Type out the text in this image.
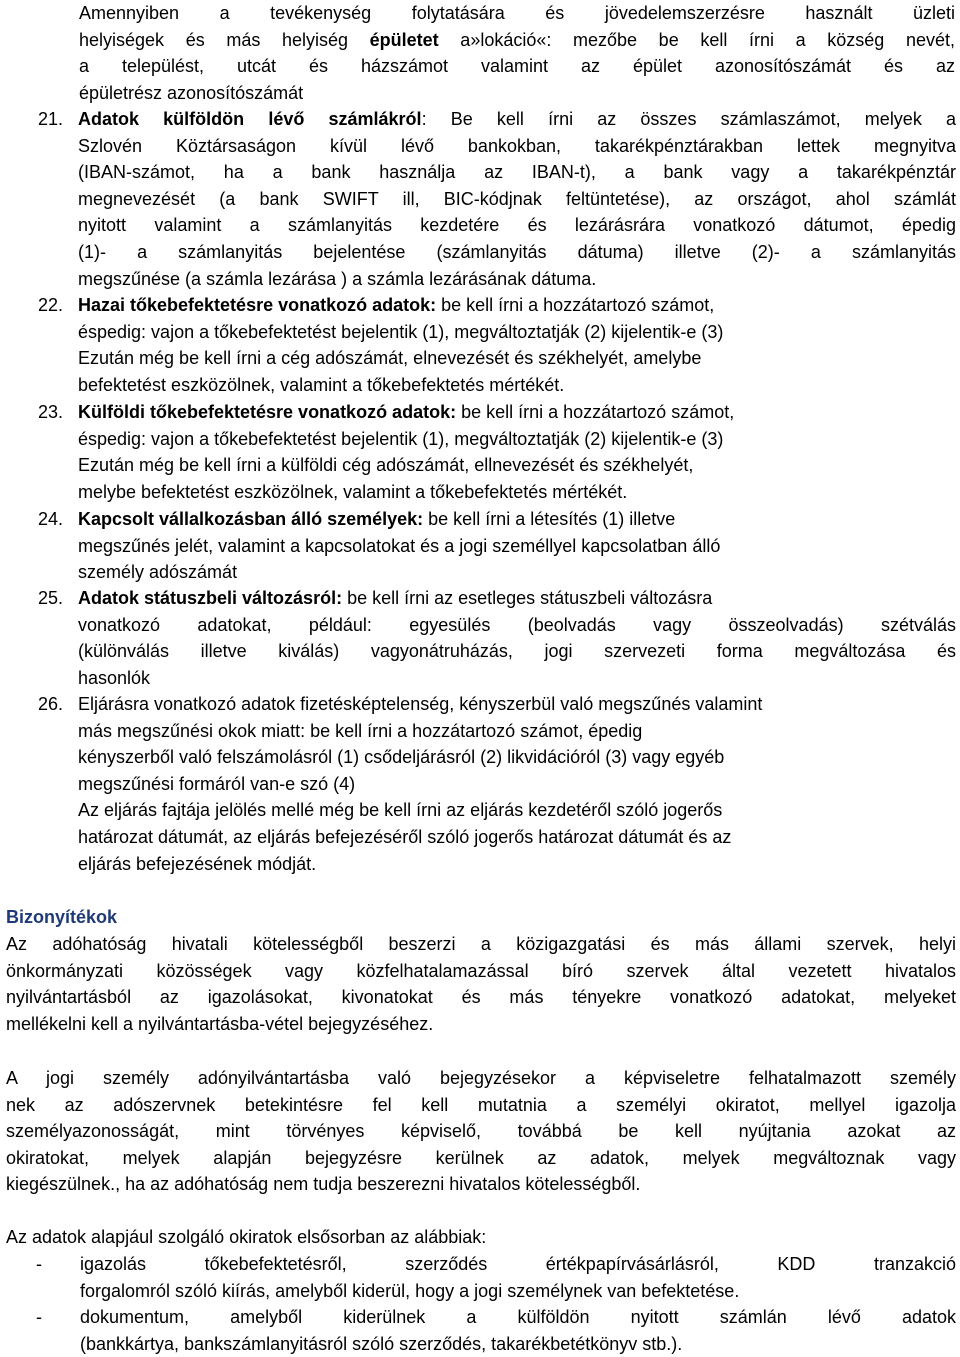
Amennyiben a tevékenység folytatására és jövedelemszerzésre használt üzleti
helyiségek és más helyiség épületet a»lokáció«: mezőbe be kell írni a község nevét,
a települést, utcát és házszámot valamint az épület azonosítószámát és az
épületrész azonosítószámát
21. Adatok külföldön lévő számlákról: Be kell írni az összes számlaszámot, melyek a
Szlovén Köztársaságon kívül lévő bankokban, takarékpénztárakban lettek megnyitva
(IBAN-számot, ha a bank használja az IBAN-t), a bank vagy a takarékpénztár
megnevezését (a bank SWIFT ill, BIC-kódjnak feltüntetése), az országot, ahol számlát
nyitott valamint a számlanyitás kezdetére és lezárásrára vonatkozó dátumot, épedig
(1)- a számlanyitás bejelentése (számlanyitás dátuma) illetve (2)- a számlanyitás
megszűnése (a számla lezárása ) a számla lezárásának dátuma.
22. Hazai tőkebefektetésre vonatkozó adatok: be kell írni a hozzátartozó számot,
éspedig: vajon a tőkebefektetést bejelentik (1), megváltoztatják (2) kijelentik-e (3)
Ezután még be kell írni a cég adószámát, elnevezését és székhelyét, amelybe
befektetést eszközölnek, valamint a tőkebefektetés mértékét.
23. Külföldi tőkebefektetésre vonatkozó adatok: be kell írni a hozzátartozó számot,
éspedig: vajon a tőkebefektetést bejelentik (1), megváltoztatják (2) kijelentik-e (3)
Ezután még be kell írni a külföldi cég adószámát, ellnevezését és székhelyét,
melybe befektetést eszközölnek, valamint a tőkebefektetés mértékét.
24. Kapcsolt vállalkozásban álló személyek: be kell írni a létesítés (1) illetve
megszűnés jelét, valamint a kapcsolatokat és a jogi személlyel kapcsolatban álló
személy adószámát
25. Adatok státuszbeli változásról: be kell írni az esetleges státuszbeli változásra
vonatkozó adatokat, például: egyesülés (beolvadás vagy összeolvadás) szétválás
(különválás illetve kiválás) vagyonátruházás, jogi szervezeti forma megváltozása és
hasonlók
26. Eljárásra vonatkozó adatok fizetésképtelenség, kényszerbül való megszűnés valamint
más megszűnési okok miatt: be kell írni a hozzátartozó számot, épedig
kényszerből való felszámolásról (1) csődeljárásról (2) likvidációról (3) vagy egyéb
megszűnési formáról van-e szó (4)
Az eljárás fajtája jelölés mellé még be kell írni az eljárás kezdetéről szóló jogerős
határozat dátumát, az eljárás befejezéséről szóló jogerős határozat dátumát és az
eljárás befejezésének módját.
Bizonyítékok
Az adóhatóság hivatali kötelességből beszerzi a közigazgatási és más állami szervek, helyi
önkormányzati közösségek vagy közfelhatalamazással bíró szervek által vezetett hivatalos
nyilvántartásból az igazolásokat, kivonatokat és más tényekre vonatkozó adatokat, melyeket
mellékelni kell a nyilvántartásba-vétel bejegyzéséhez.
A jogi személy adónyilvántartásba való bejegyzésekor a képviseletre felhatalmazott személy
nek az adószervnek betekintésre fel kell mutatnia a személyi okiratot, mellyel igazolja
személyazonosságát, mint törvényes képviselő, továbbá be kell nyújtania azokat az
okiratokat, melyek alapján bejegyzésre kerülnek az adatok, melyek megváltoznak vagy
kiegészülnek., ha az adóhatóság nem tudja beszerezni hivatalos kötelességből.
Az adatok alapjául szolgáló okiratok elsősorban az alábbiak:
-	igazolás tőkebefektetésről, szerződés értékpapírvásárlásról, KDD tranzakció
forgalomról szóló kiírás, amelyből kiderül, hogy a jogi személynek van befektetése.
-	dokumentum, amelyből kiderülnek a külföldön nyitott számlán lévő adatok
(bankkártya, bankszámlanyitásról szóló szerződés, takarékbetétkönyv stb.).
